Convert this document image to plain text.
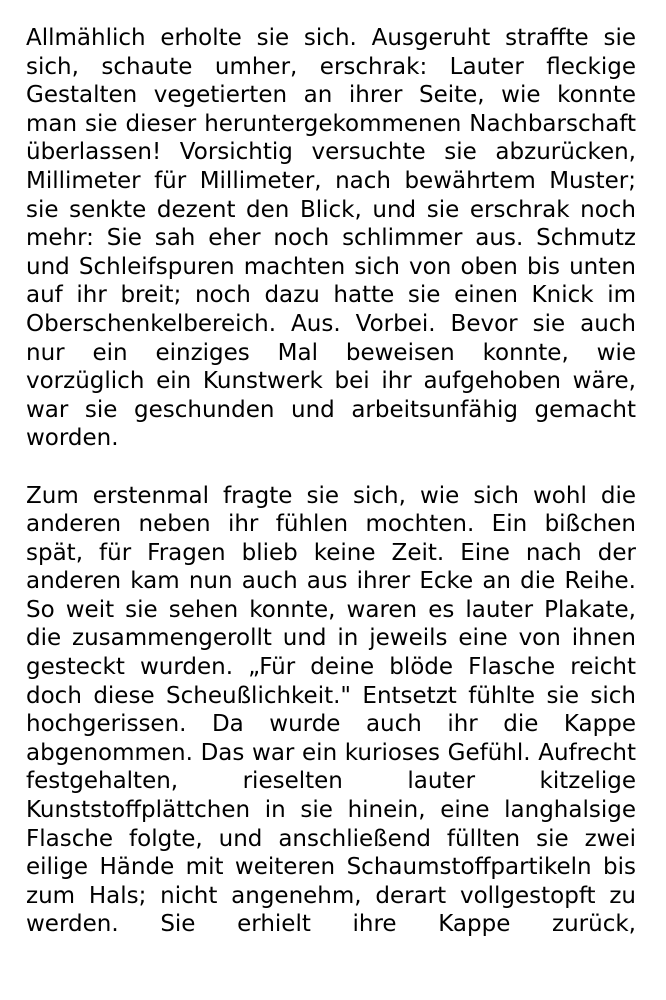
Allmählich erholte sie sich. Ausgeruht straffte sie sich, schaute umher, erschrak: Lauter fleckige Gestalten vegetierten an ihrer Seite, wie konnte man sie dieser heruntergekommenen Nachbarschaft überlassen! Vorsichtig versuchte sie abzurücken, Millimeter für Millimeter, nach bewährtem Muster; sie senkte dezent den Blick, und sie erschrak noch mehr: Sie sah eher noch schlimmer aus. Schmutz und Schleifspuren machten sich von oben bis unten auf ihr breit; noch dazu hatte sie einen Knick im Oberschenkelbereich. Aus. Vorbei. Bevor sie auch nur ein einziges Mal beweisen konnte, wie vorzüglich ein Kunstwerk bei ihr aufgehoben wäre, war sie geschunden und arbeitsunfähig gemacht worden.

Zum erstenmal fragte sie sich, wie sich wohl die anderen neben ihr fühlen mochten. Ein bißchen spät, für Fragen blieb keine Zeit. Eine nach der anderen kam nun auch aus ihrer Ecke an die Reihe. So weit sie sehen konnte, waren es lauter Plakate, die zusammengerollt und in jeweils eine von ihnen gesteckt wurden. „Für deine blöde Flasche reicht doch diese Scheußlichkeit." Entsetzt fühlte sie sich hochgerissen. Da wurde auch ihr die Kappe abgenommen. Das war ein kurioses Gefühl. Aufrecht festgehalten, rieselten lauter kitzelige Kunststoffplättchen in sie hinein, eine langhalsige Flasche folgte, und anschließend füllten sie zwei eilige Hände mit weiteren Schaumstoffpartikeln bis zum Hals; nicht angenehm, derart vollgestopft zu werden. Sie erhielt ihre Kappe zurück,
